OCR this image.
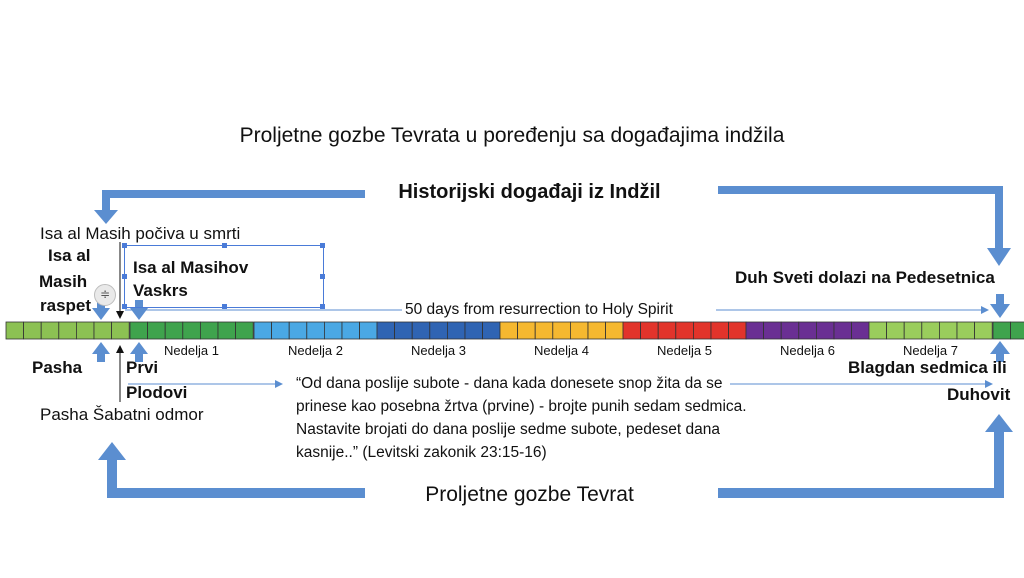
Proljetne gozbe Tevrata u poređenju sa događajima indžila
Historijski događaji iz Indžil
Proljetne gozbe Tevrat
Isa al Masih počiva u smrti
Isa al
Masih
raspet
Isa al Masihov
Vaskrs
≑
Duh Sveti dolazi na Pedesetnica
50 days from resurrection to Holy Spirit
Pasha	Prvi
Plodovi
Pasha Šabatni odmor
Blagdan sedmica ili
Duhovit
“Od dana poslije subote - dana kada donesete snop žita da se prinese kao posebna žrtva (prvine) - brojte punih sedam sedmica. Nastavite brojati do dana poslije sedme subote, pedeset dana kasnije..” (Levitski zakonik 23:15-16)
Nedelja 1	Nedelja 2	Nedelja 3	Nedelja 4	Nedelja 5	Nedelja 6	Nedelja 7
